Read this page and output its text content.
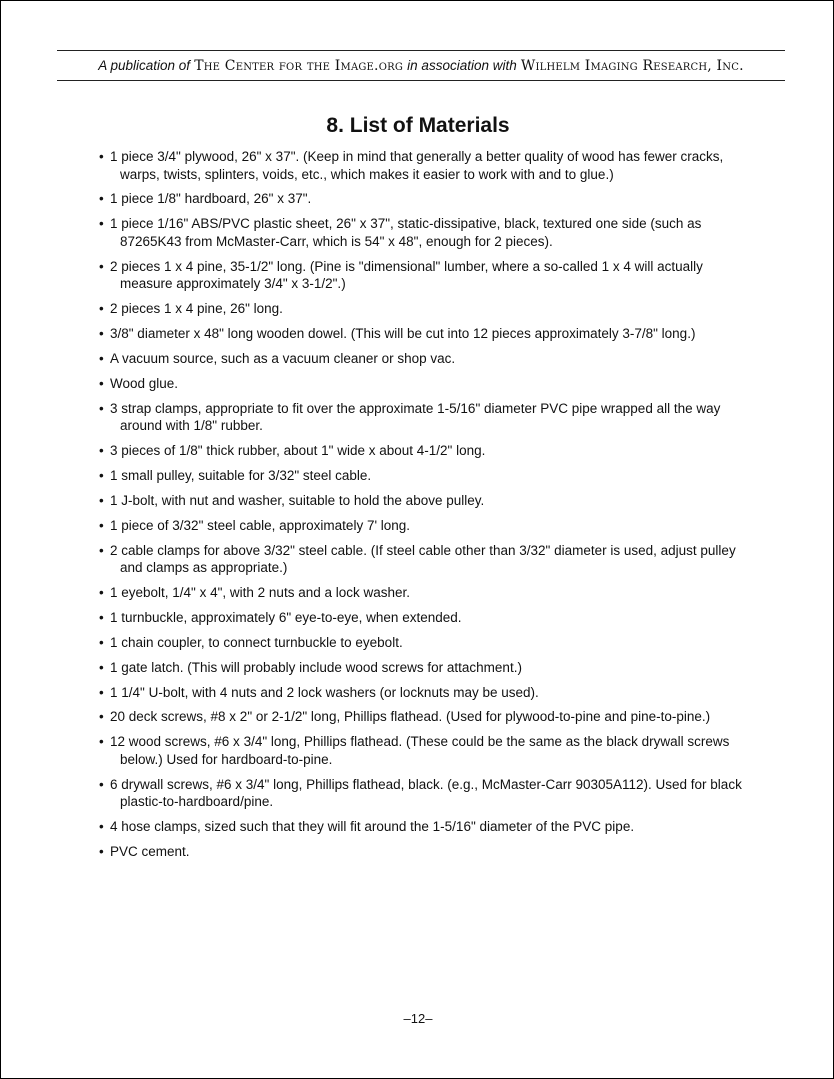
A publication of The Center for the Image.org in association with Wilhelm Imaging Research, Inc.
8. List of Materials
• 1 piece 3/4" plywood, 26" x 37". (Keep in mind that generally a better quality of wood has fewer cracks, warps, twists, splinters, voids, etc., which makes it easier to work with and to glue.)
• 1 piece 1/8" hardboard, 26" x 37".
• 1 piece 1/16" ABS/PVC plastic sheet, 26" x 37", static-dissipative, black, textured one side (such as 87265K43 from McMaster-Carr, which is 54" x 48", enough for 2 pieces).
• 2 pieces 1 x 4 pine, 35-1/2" long. (Pine is "dimensional" lumber, where a so-called 1 x 4 will actually measure approximately 3/4" x 3-1/2".)
• 2 pieces 1 x 4 pine, 26" long.
• 3/8" diameter x 48" long wooden dowel. (This will be cut into 12 pieces approximately 3-7/8" long.)
• A vacuum source, such as a vacuum cleaner or shop vac.
• Wood glue.
• 3 strap clamps, appropriate to fit over the approximate 1-5/16" diameter PVC pipe wrapped all the way around with 1/8" rubber.
• 3 pieces of 1/8" thick rubber, about 1" wide x about 4-1/2" long.
• 1 small pulley, suitable for 3/32" steel cable.
• 1 J-bolt, with nut and washer, suitable to hold the above pulley.
• 1 piece of 3/32" steel cable, approximately 7' long.
• 2 cable clamps for above 3/32" steel cable. (If steel cable other than 3/32" diameter is used, adjust pulley and clamps as appropriate.)
• 1 eyebolt, 1/4" x 4", with 2 nuts and a lock washer.
• 1 turnbuckle, approximately 6" eye-to-eye, when extended.
• 1 chain coupler, to connect turnbuckle to eyebolt.
• 1 gate latch. (This will probably include wood screws for attachment.)
• 1 1/4" U-bolt, with 4 nuts and 2 lock washers (or locknuts may be used).
• 20 deck screws, #8 x 2" or 2-1/2" long, Phillips flathead. (Used for plywood-to-pine and pine-to-pine.)
• 12 wood screws, #6 x 3/4" long, Phillips flathead. (These could be the same as the black drywall screws below.) Used for hardboard-to-pine.
• 6 drywall screws, #6 x 3/4" long, Phillips flathead, black. (e.g., McMaster-Carr 90305A112). Used for black plastic-to-hardboard/pine.
• 4 hose clamps, sized such that they will fit around the 1-5/16" diameter of the PVC pipe.
• PVC cement.
–12–
